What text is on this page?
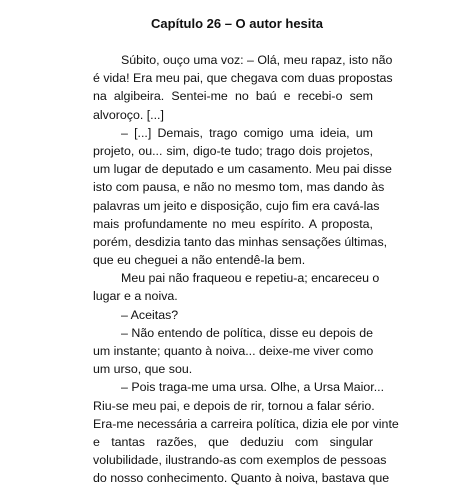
Capítulo 26 – O autor hesita
Súbito, ouço uma voz: – Olá, meu rapaz, isto não
é vida! Era meu pai, que chegava com duas propostas
na algibeira. Sentei-me no baú e recebi-o sem
alvoroço. [...]
– [...] Demais, trago comigo uma ideia, um
projeto, ou... sim, digo-te tudo; trago dois projetos,
um lugar de deputado e um casamento. Meu pai disse
isto com pausa, e não no mesmo tom, mas dando às
palavras um jeito e disposição, cujo fim era cavá-las
mais profundamente no meu espírito. A proposta,
porém, desdizia tanto das minhas sensações últimas,
que eu cheguei a não entendê-la bem.
Meu pai não fraqueou e repetiu-a; encareceu o
lugar e a noiva.
– Aceitas?
– Não entendo de política, disse eu depois de
um instante; quanto à noiva... deixe-me viver como
um urso, que sou.
– Pois traga-me uma ursa. Olhe, a Ursa Maior...
Riu-se meu pai, e depois de rir, tornou a falar sério.
Era-me necessária a carreira política, dizia ele por vinte
e tantas razões, que deduziu com singular
volubilidade, ilustrando-as com exemplos de pessoas
do nosso conhecimento. Quanto à noiva, bastava que
